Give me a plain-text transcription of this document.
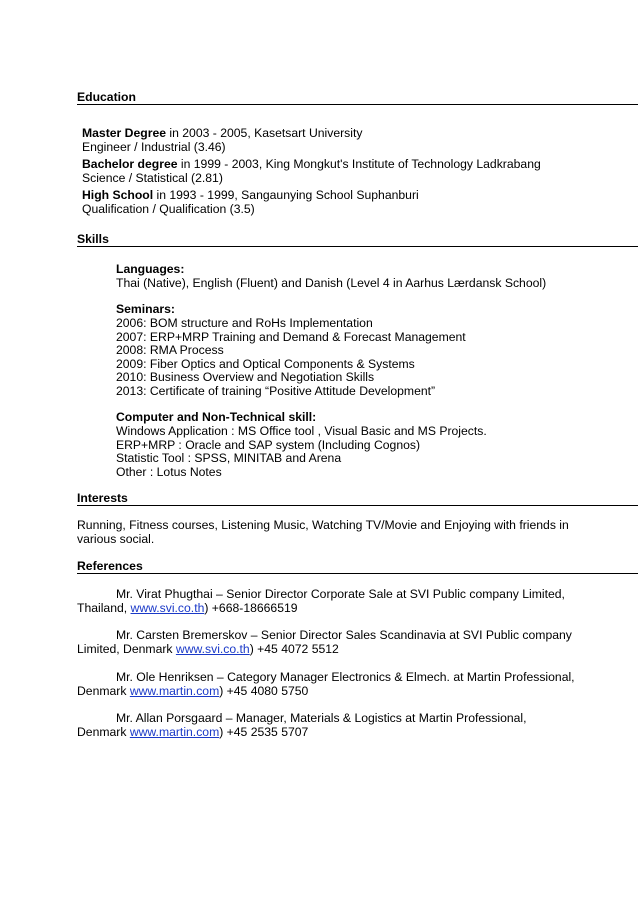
Education
Master Degree in 2003 - 2005, Kasetsart University
Engineer / Industrial (3.46)
Bachelor degree in 1999 - 2003, King Mongkut's Institute of Technology Ladkrabang
Science / Statistical (2.81)
High School in 1993 - 1999, Sangaunying School Suphanburi
Qualification / Qualification (3.5)
Skills
Languages:
Thai (Native), English (Fluent) and Danish (Level 4 in Aarhus Lærdansk School)
Seminars:
2006: BOM structure and RoHs Implementation
2007: ERP+MRP Training and Demand & Forecast Management
2008: RMA Process
2009: Fiber Optics and Optical Components & Systems
2010: Business Overview and Negotiation Skills
2013: Certificate of training “Positive Attitude Development”
Computer and Non-Technical skill:
Windows Application : MS Office tool , Visual Basic and MS Projects.
ERP+MRP : Oracle and SAP system (Including Cognos)
Statistic Tool : SPSS, MINITAB and Arena
Other : Lotus Notes
Interests
Running, Fitness courses, Listening Music, Watching TV/Movie and Enjoying with friends in
various social.
References
Mr. Virat Phugthai – Senior Director Corporate Sale at SVI Public company Limited,
Thailand, www.svi.co.th) +668-18666519
Mr. Carsten Bremerskov – Senior Director Sales Scandinavia at SVI Public company
Limited, Denmark www.svi.co.th) +45 4072 5512
Mr. Ole Henriksen – Category Manager Electronics & Elmech. at Martin Professional,
Denmark www.martin.com) +45 4080 5750
Mr. Allan Porsgaard – Manager, Materials & Logistics at Martin Professional,
Denmark www.martin.com) +45 2535 5707
